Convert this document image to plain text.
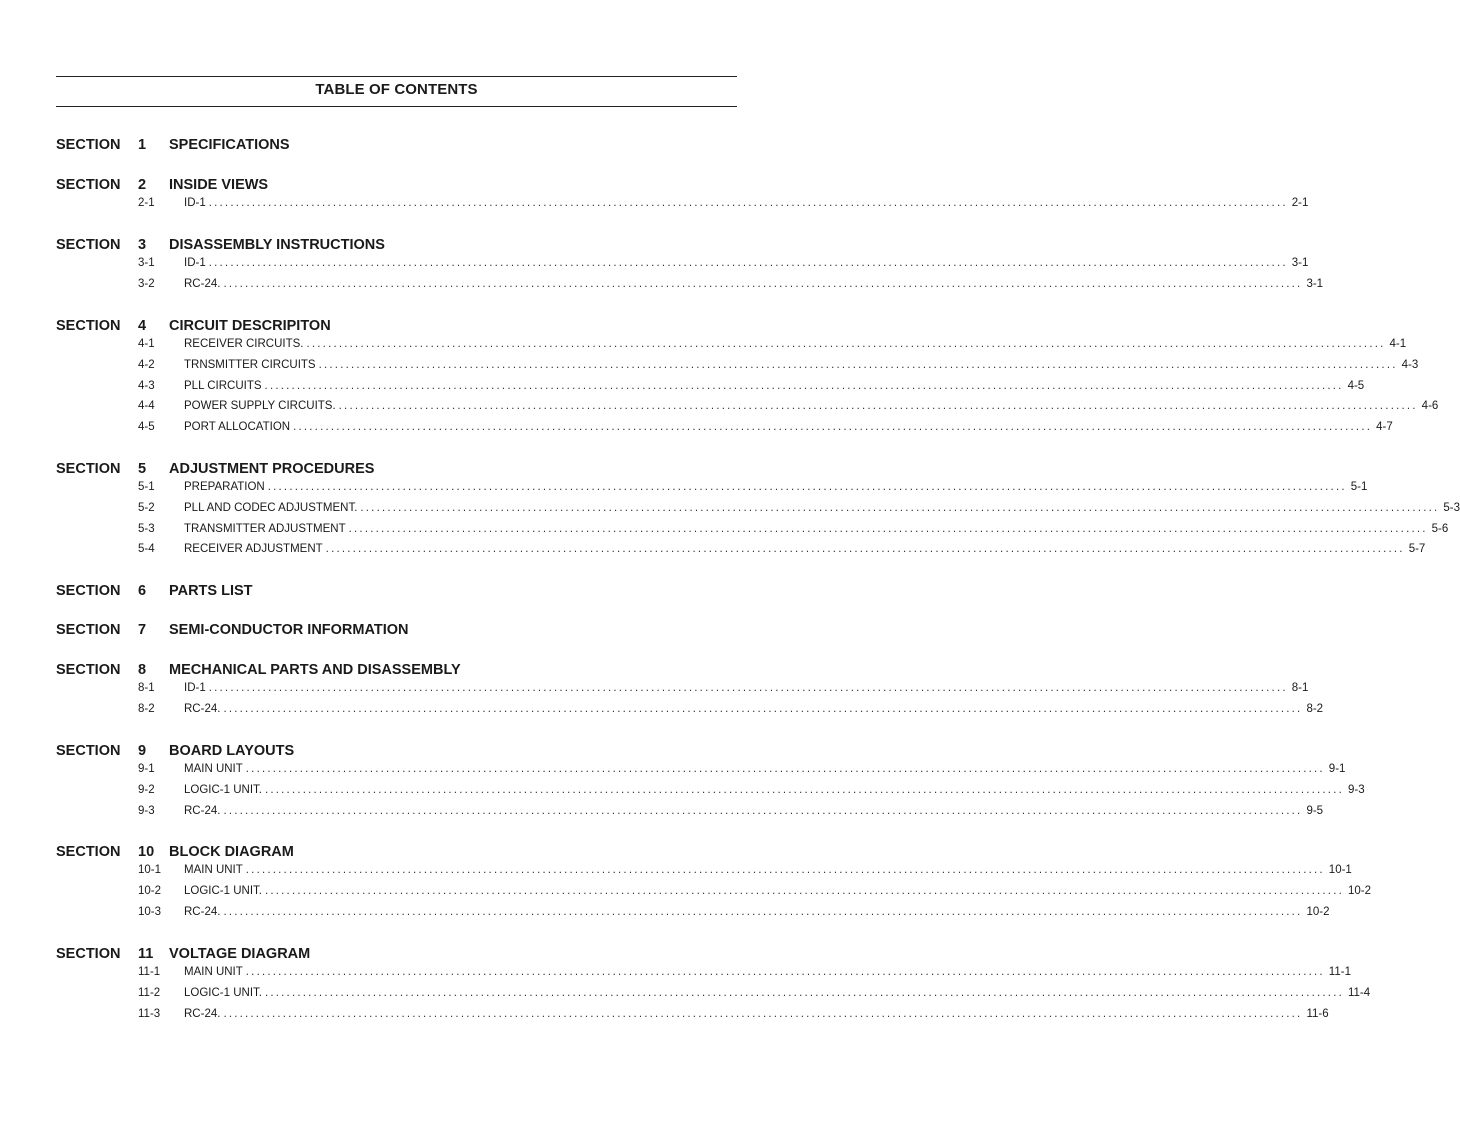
TABLE OF CONTENTS
SECTION 1 SPECIFICATIONS
SECTION 2 INSIDE VIEWS
2-1	ID-1 ........................................................................................................................................................................................................ 2-1
SECTION 3 DISASSEMBLY INSTRUCTIONS
3-1	ID-1 ........................................................................................................................................................................................................ 3-1
3-2	RC-24. ........................................................................................................................................................................................................ 3-1
SECTION 4 CIRCUIT DESCRIPITON
4-1	RECEIVER CIRCUITS. ........................................................................................................................................................................................................ 4-1
4-2	TRNSMITTER CIRCUITS ........................................................................................................................................................................................................ 4-3
4-3	PLL CIRCUITS ........................................................................................................................................................................................................ 4-5
4-4	POWER SUPPLY CIRCUITS. ........................................................................................................................................................................................................ 4-6
4-5	PORT ALLOCATION ........................................................................................................................................................................................................ 4-7
SECTION 5 ADJUSTMENT PROCEDURES
5-1	PREPARATION ........................................................................................................................................................................................................ 5-1
5-2	PLL AND CODEC ADJUSTMENT. ........................................................................................................................................................................................................ 5-3
5-3	TRANSMITTER ADJUSTMENT ........................................................................................................................................................................................................ 5-6
5-4	RECEIVER ADJUSTMENT ........................................................................................................................................................................................................ 5-7
SECTION 6 PARTS LIST
SECTION 7 SEMI-CONDUCTOR INFORMATION
SECTION 8 MECHANICAL PARTS AND DISASSEMBLY
8-1	ID-1 ........................................................................................................................................................................................................ 8-1
8-2	RC-24. ........................................................................................................................................................................................................ 8-2
SECTION 9 BOARD LAYOUTS
9-1	MAIN UNIT ........................................................................................................................................................................................................ 9-1
9-2	LOGIC-1 UNIT. ........................................................................................................................................................................................................ 9-3
9-3	RC-24. ........................................................................................................................................................................................................ 9-5
SECTION 10 BLOCK DIAGRAM
10-1 MAIN UNIT ........................................................................................................................................................................................................ 10-1
10-2 LOGIC-1 UNIT. ........................................................................................................................................................................................................ 10-2
10-3 RC-24. ........................................................................................................................................................................................................ 10-2
SECTION 11 VOLTAGE DIAGRAM
11-1 MAIN UNIT ........................................................................................................................................................................................................ 11-1
11-2 LOGIC-1 UNIT. ........................................................................................................................................................................................................ 11-4
11-3 RC-24. ........................................................................................................................................................................................................ 11-6
